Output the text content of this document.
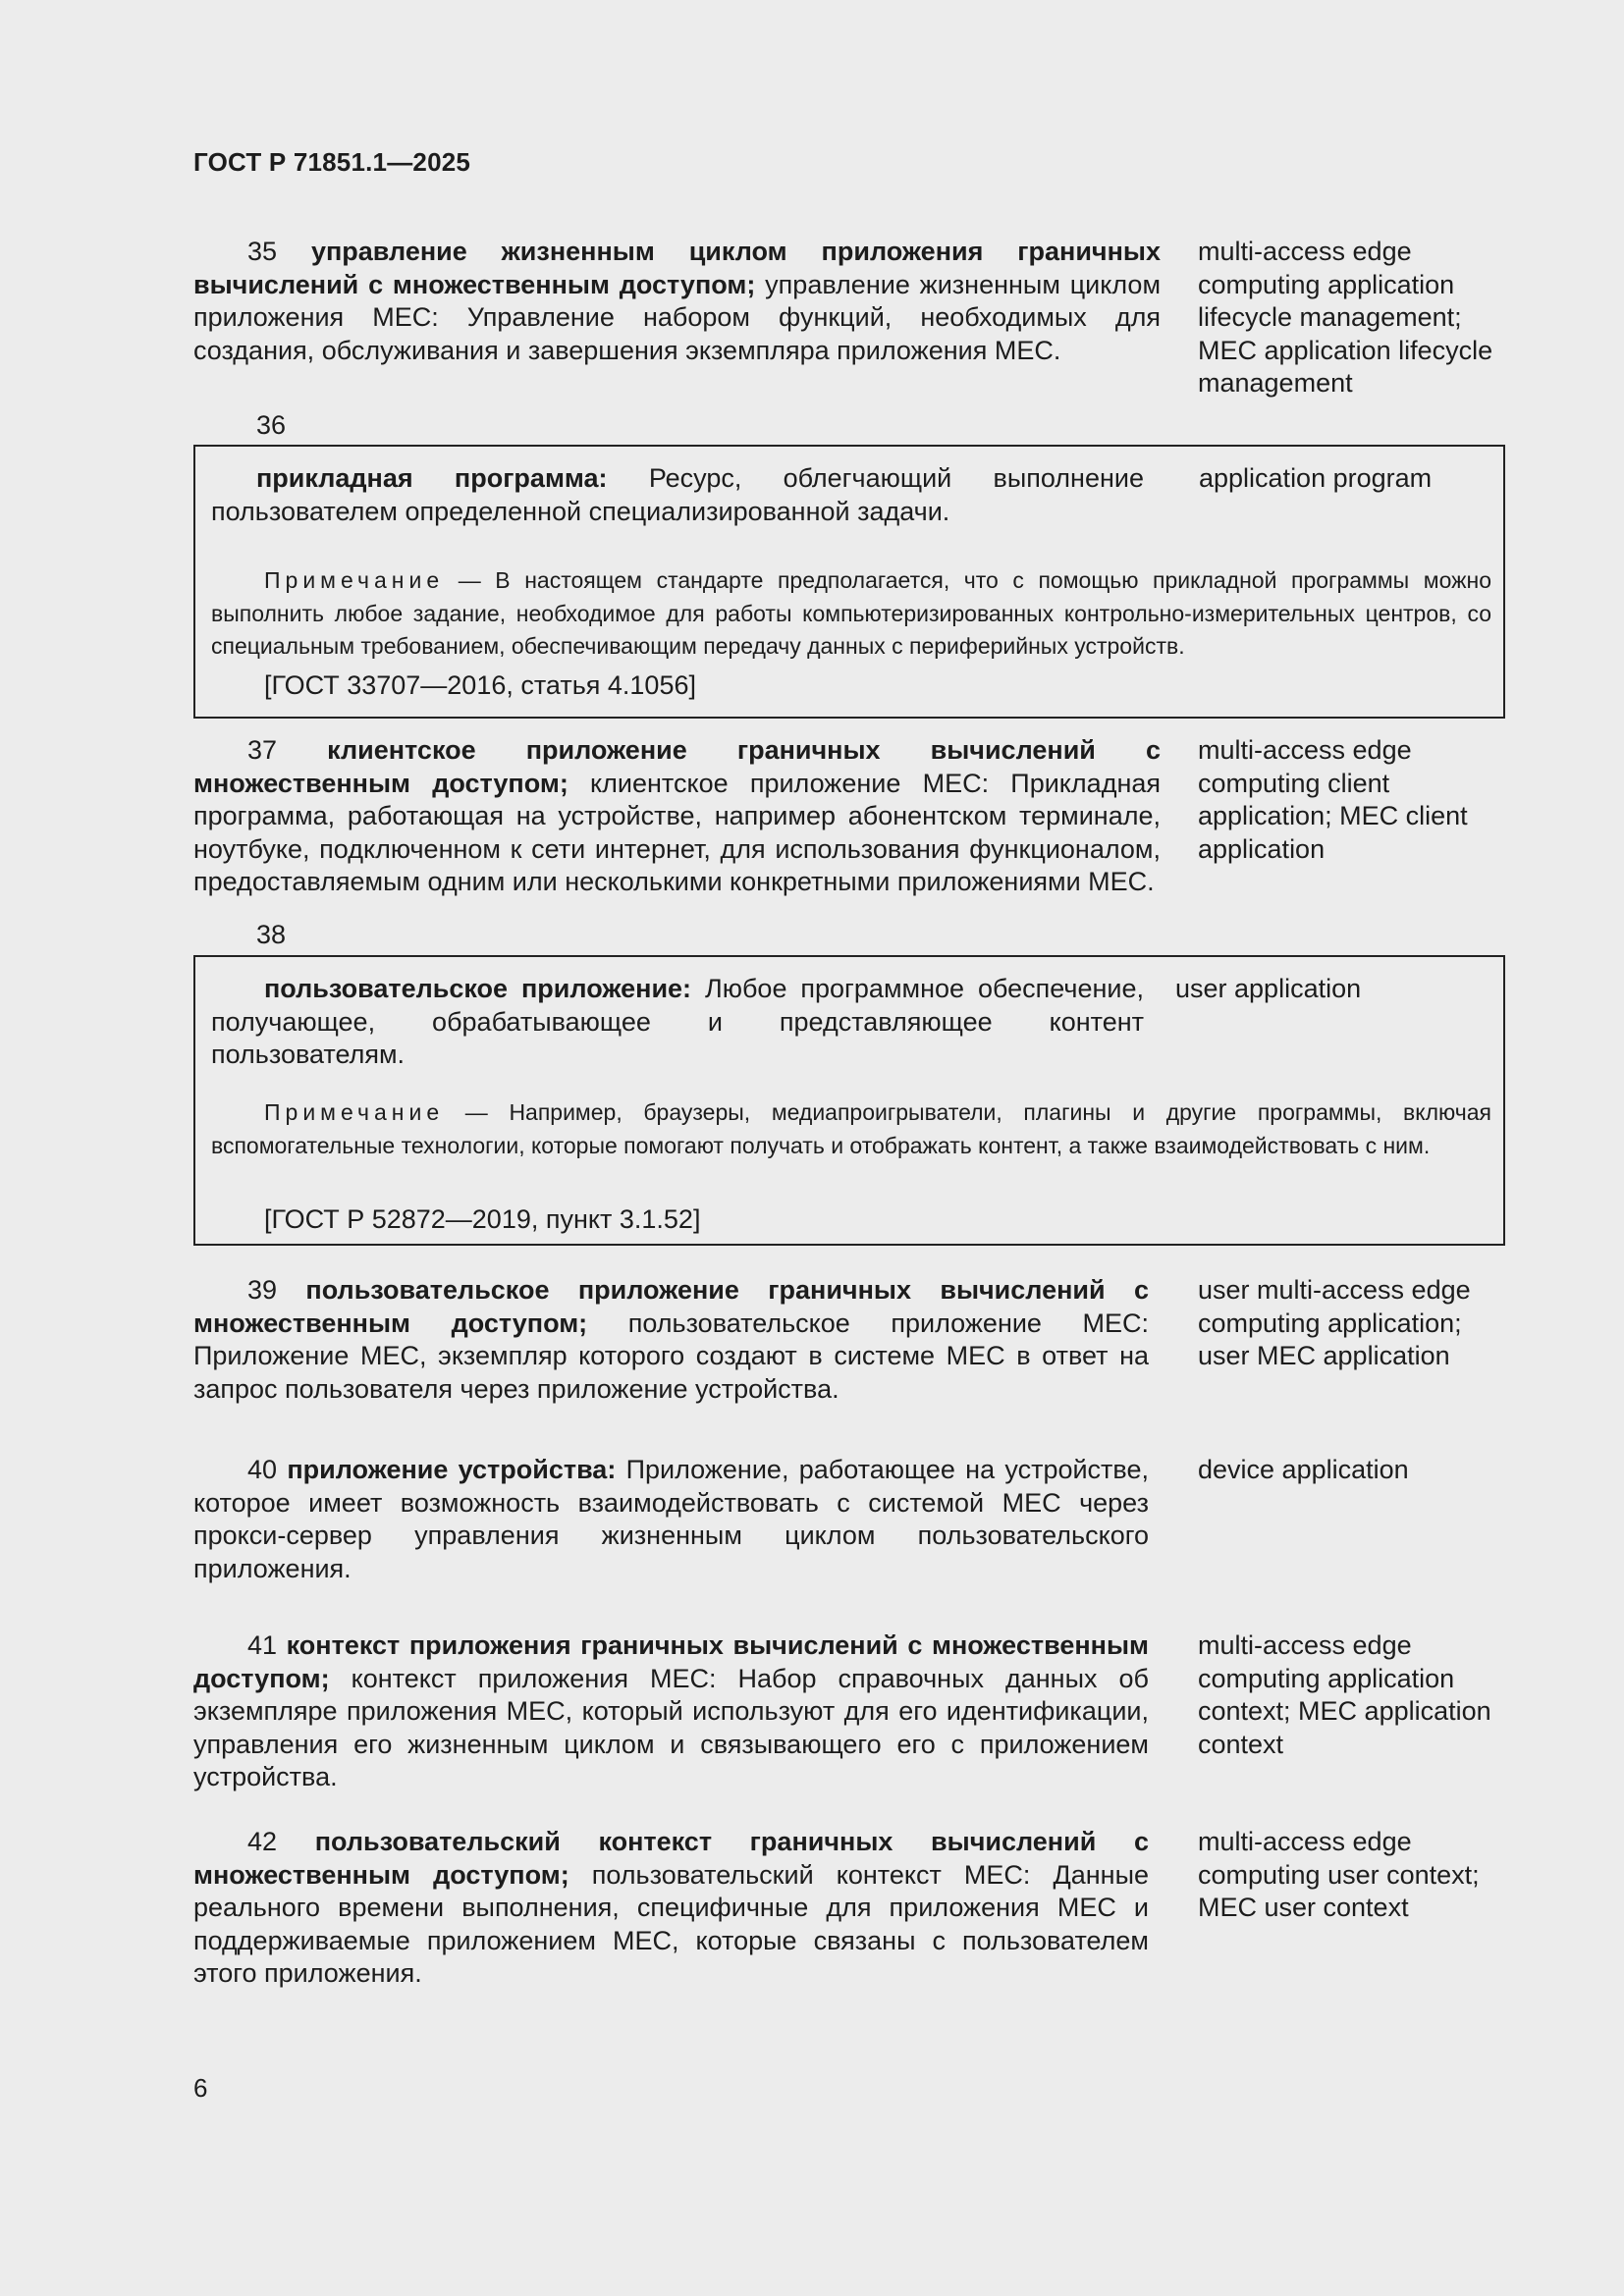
ГОСТ Р 71851.1—2025

35 управление жизненным циклом приложения граничных вычислений с множественным доступом; управление жизненным циклом приложения МЕС: Управление набором функций, необходимых для создания, обслуживания и завершения экземпляра приложения МЕС.

multi-access edge computing application lifecycle management; MEC application lifecycle management
36

прикладная программа: Ресурс, облегчающий выполнение пользователем определенной специализированной задачи.

application program

Примечание — В настоящем стандарте предполагается, что с помощью прикладной программы можно выполнить любое задание, необходимое для работы компьютеризированных контрольно-измерительных центров, со специальным требованием, обеспечивающим передачу данных с периферийных устройств.

[ГОСТ 33707—2016, статья 4.1056]

37 клиентское приложение граничных вычислений с множественным доступом; клиентское приложение МЕС: Прикладная программа, работающая на устройстве, например абонентском терминале, ноутбуке, подключенном к сети интернет, для использования функционалом, предоставляемым одним или несколькими конкретными приложениями МЕС.

multi-access edge computing client application; MEC client application
38

пользовательское приложение: Любое программное обеспечение, получающее, обрабатывающее и представляющее контент пользователям.

user application

Примечание — Например, браузеры, медиапроигрыватели, плагины и другие программы, включая вспомогательные технологии, которые помогают получать и отображать контент, а также взаимодействовать с ним.

[ГОСТ Р 52872—2019, пункт 3.1.52]

39 пользовательское приложение граничных вычислений с множественным доступом; пользовательское приложение МЕС: Приложение МЕС, экземпляр которого создают в системе МЕС в ответ на запрос пользователя через приложение устройства.

user multi-access edge computing application; user MEC application

40 приложение устройства: Приложение, работающее на устройстве, которое имеет возможность взаимодействовать с системой МЕС через прокси-сервер управления жизненным циклом пользовательского приложения.

device application

41 контекст приложения граничных вычислений с множественным доступом; контекст приложения МЕС: Набор справочных данных об экземпляре приложения МЕС, который используют для его идентификации, управления его жизненным циклом и связывающего его с приложением устройства.

multi-access edge computing application context; MEC application context

42 пользовательский контекст граничных вычислений с множественным доступом; пользовательский контекст МЕС: Данные реального времени выполнения, специфичные для приложения МЕС и поддерживаемые приложением МЕС, которые связаны с пользователем этого приложения.

multi-access edge computing user context; MEC user context
6
